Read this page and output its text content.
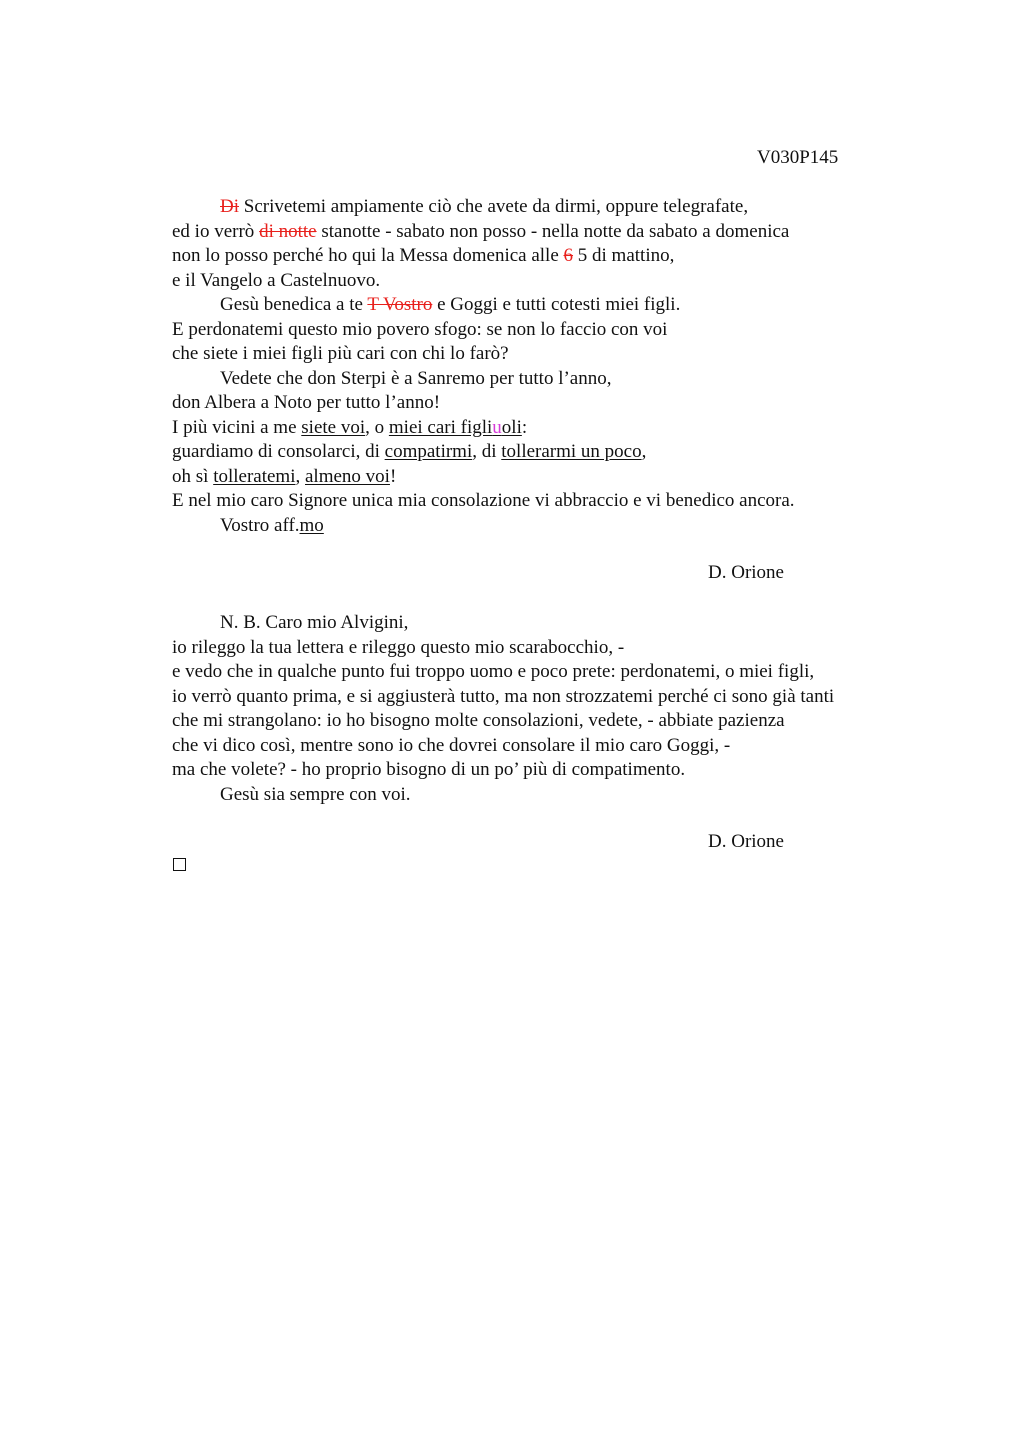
V030P145
Di Scrivetemi ampiamente ciò che avete da dirmi, oppure telegrafate,
ed io verrò di notte stanotte - sabato non posso - nella notte da sabato a domenica
non lo posso perché ho qui la Messa domenica alle 6 5 di mattino,
e il Vangelo a Castelnuovo.
Gesù benedica a te T Vostro e Goggi e tutti cotesti miei figli.
E perdonatemi questo mio povero sfogo: se non lo faccio con voi
che siete i miei figli più cari con chi lo farò?
Vedete che don Sterpi è a Sanremo per tutto l’anno,
don Albera a Noto per tutto l’anno!
I più vicini a me siete voi, o miei cari figliuoli:
guardiamo di consolarci, di compatirmi, di tollerarmi un poco,
oh sì tolleratemi, almeno voi!
E nel mio caro Signore unica mia consolazione vi abbraccio e vi benedico ancora.
Vostro aff.mo
D. Orione
N. B. Caro mio Alvigini,
io rileggo la tua lettera e rileggo questo mio scarabocchio, -
e vedo che in qualche punto fui troppo uomo e poco prete: perdonatemi, o miei figli,
io verrò quanto prima, e si aggiusterà tutto, ma non strozzatemi perché ci sono già tanti
che mi strangolano: io ho bisogno molte consolazioni, vedete, - abbiate pazienza
che vi dico così, mentre sono io che dovrei consolare il mio caro Goggi, -
ma che volete? - ho proprio bisogno di un po’ più di compatimento.
Gesù sia sempre con voi.
D. Orione
